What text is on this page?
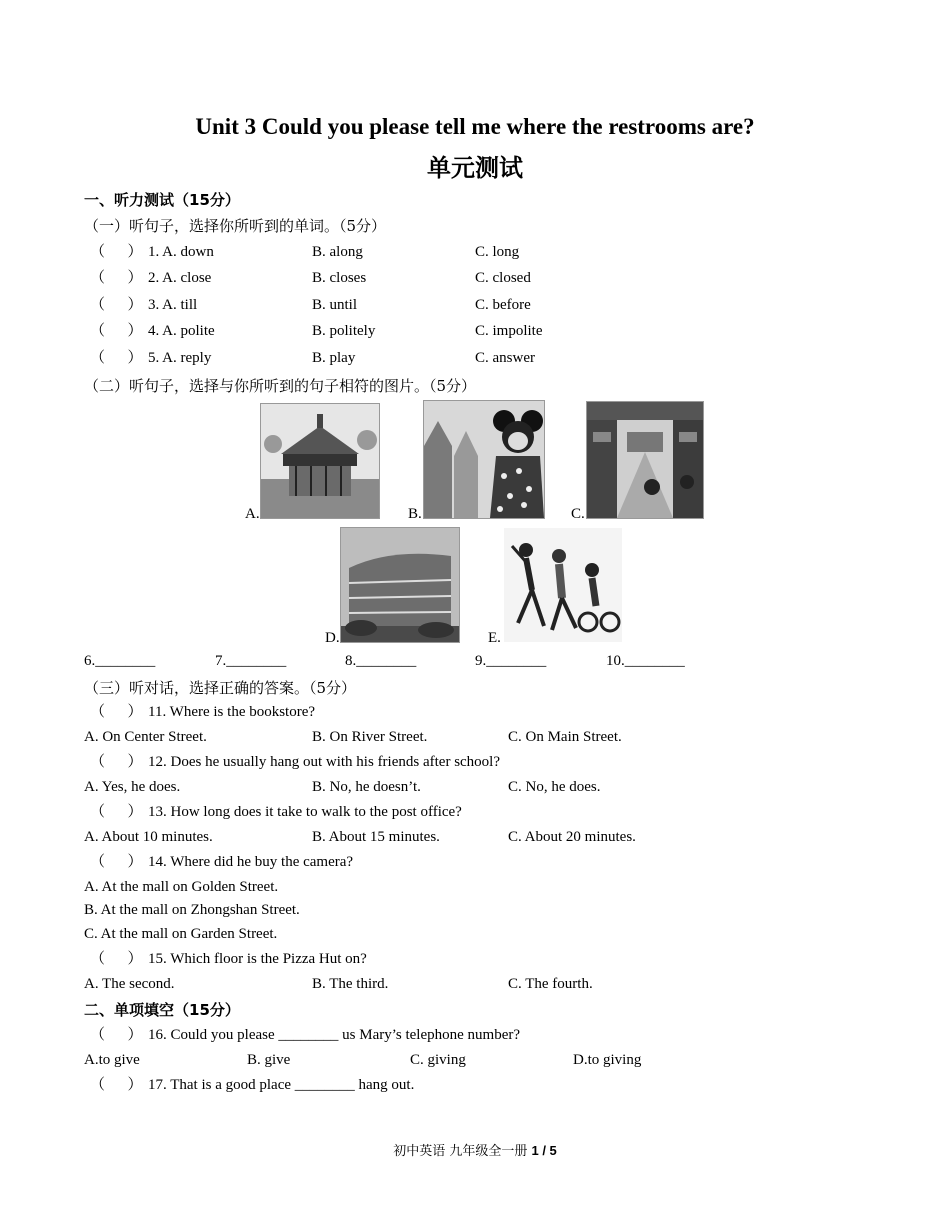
Unit 3 Could you please tell me where the restrooms are?
单元测试
一、听力测试（15分）
（一）听句子，选择你所听到的单词。（5分）
（      ） 1. A. down	B. along	C. long
（      ） 2. A. close	B. closes	C. closed
（      ） 3. A. till	B. until	C. before
（      ） 4. A. polite	B. politely	C. impolite
（      ） 5. A. reply	B. play	C. answer
（二）听句子，选择与你所听到的句子相符的图片。（5分）
A.	B.	C.
D.	E.
6.________	7.________	8.________	9.________	10.________
（三）听对话，选择正确的答案。（5分）
（      ） 11. Where is the bookstore?
A. On Center Street.	B. On River Street.	C. On Main Street.
（      ） 12. Does he usually hang out with his friends after school?
A. Yes, he does.	B. No, he doesn’t.	C. No, he does.
（      ） 13. How long does it take to walk to the post office?
A. About 10 minutes.	B. About 15 minutes.	C. About 20 minutes.
（      ） 14. Where did he buy the camera?
A. At the mall on Golden Street.
B. At the mall on Zhongshan Street.
C. At the mall on Garden Street.
（      ） 15. Which floor is the Pizza Hut on?
A. The second.	B. The third.	C. The fourth.
二、单项填空（15分）
（      ） 16. Could you please ________ us Mary’s telephone number?
A.to give	B. give	C. giving	D.to giving
（      ） 17. That is a good place ________ hang out.
初中英语 九年级全一册 1 / 5
